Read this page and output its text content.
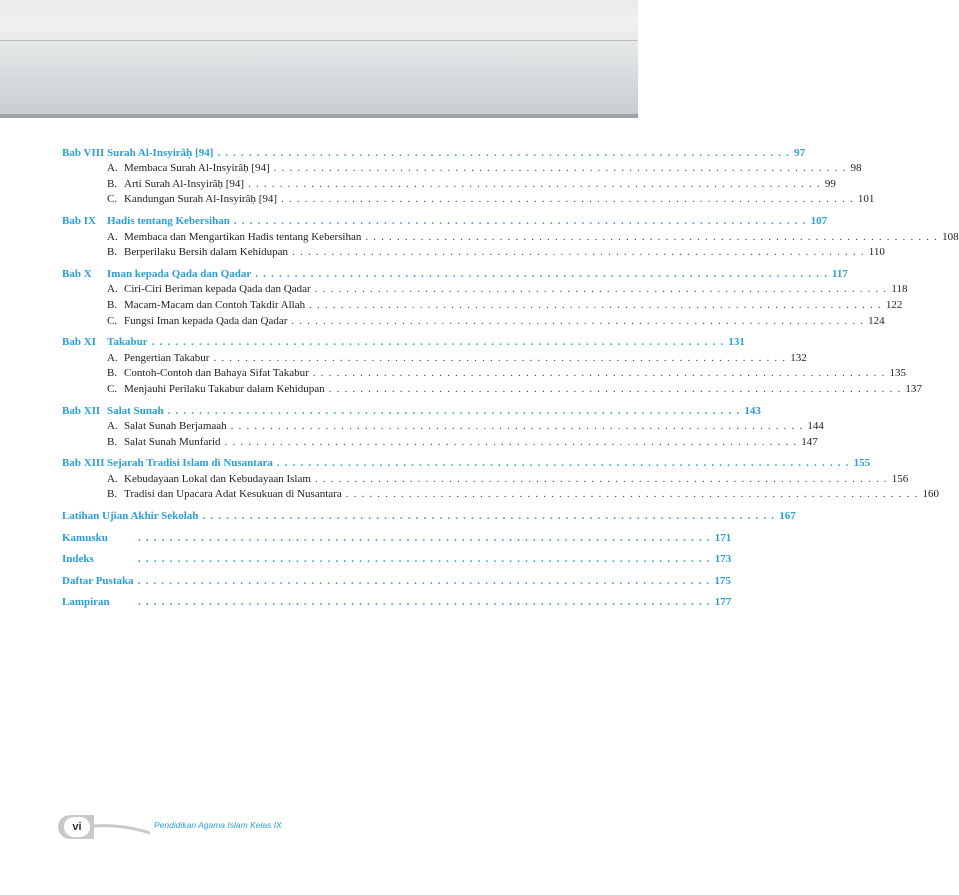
Bab VIII Surah Al-Insyirâḥ [94] . . . . . . . . . . . . . . . . . . . . . . . . . . . . . . . . . . . . . . . . . . . . . . . . . . . . . . . . . . . . . . . . . . . . . . . . . 97
A. Membaca Surah Al-Insyirâḥ [94] . . . . . . . . . . . . . . . . . . . . . . . . . . . . . . . . . . . . . . . . . . . . . . . . . . . . . . . . . . . . . . . . . . . . . . . . . 98
B. Arti Surah Al-Insyirâḥ [94] . . . . . . . . . . . . . . . . . . . . . . . . . . . . . . . . . . . . . . . . . . . . . . . . . . . . . . . . . . . . . . . . . . . . . . . . . 99
C. Kandungan Surah Al-Insyirâḥ [94] . . . . . . . . . . . . . . . . . . . . . . . . . . . . . . . . . . . . . . . . . . . . . . . . . . . . . . . . . . . . . . . . . . . . . . . . . 101
Bab IX Hadis tentang Kebersihan . . . . . . . . . . . . . . . . . . . . . . . . . . . . . . . . . . . . . . . . . . . . . . . . . . . . . . . . . . . . . . . . . . . . . . . . . 107
A. Membaca dan Mengartikan Hadis tentang Kebersihan . . . . . . . . . . . . . . . . . . . . . . . . . . . . . . . . . . . . . . . . . . . . . . . . . . . . . . . . . . . . . . . . . . . . . . . . . 108
B. Berperilaku Bersih dalam Kehidupan . . . . . . . . . . . . . . . . . . . . . . . . . . . . . . . . . . . . . . . . . . . . . . . . . . . . . . . . . . . . . . . . . . . . . . . . . 110
Bab X Iman kepada Qada dan Qadar . . . . . . . . . . . . . . . . . . . . . . . . . . . . . . . . . . . . . . . . . . . . . . . . . . . . . . . . . . . . . . . . . . . . . . . . . 117
A. Ciri-Ciri Beriman kepada Qada dan Qadar . . . . . . . . . . . . . . . . . . . . . . . . . . . . . . . . . . . . . . . . . . . . . . . . . . . . . . . . . . . . . . . . . . . . . . . . . 118
B. Macam-Macam dan Contoh Takdir Allah . . . . . . . . . . . . . . . . . . . . . . . . . . . . . . . . . . . . . . . . . . . . . . . . . . . . . . . . . . . . . . . . . . . . . . . . . 122
C. Fungsi Iman kepada Qada dan Qadar . . . . . . . . . . . . . . . . . . . . . . . . . . . . . . . . . . . . . . . . . . . . . . . . . . . . . . . . . . . . . . . . . . . . . . . . . 124
Bab XI Takabur . . . . . . . . . . . . . . . . . . . . . . . . . . . . . . . . . . . . . . . . . . . . . . . . . . . . . . . . . . . . . . . . . . . . . . . . . 131
A. Pengertian Takabur . . . . . . . . . . . . . . . . . . . . . . . . . . . . . . . . . . . . . . . . . . . . . . . . . . . . . . . . . . . . . . . . . . . . . . . . . 132
B. Contoh-Contoh dan Bahaya Sifat Takabur . . . . . . . . . . . . . . . . . . . . . . . . . . . . . . . . . . . . . . . . . . . . . . . . . . . . . . . . . . . . . . . . . . . . . . . . . 135
C. Menjauhi Perilaku Takabur dalam Kehidupan . . . . . . . . . . . . . . . . . . . . . . . . . . . . . . . . . . . . . . . . . . . . . . . . . . . . . . . . . . . . . . . . . . . . . . . . . 137
Bab XII Salat Sunah . . . . . . . . . . . . . . . . . . . . . . . . . . . . . . . . . . . . . . . . . . . . . . . . . . . . . . . . . . . . . . . . . . . . . . . . . 143
A. Salat Sunah Berjamaah . . . . . . . . . . . . . . . . . . . . . . . . . . . . . . . . . . . . . . . . . . . . . . . . . . . . . . . . . . . . . . . . . . . . . . . . . 144
B. Salat Sunah Munfarid . . . . . . . . . . . . . . . . . . . . . . . . . . . . . . . . . . . . . . . . . . . . . . . . . . . . . . . . . . . . . . . . . . . . . . . . . 147
Bab XIII Sejarah Tradisi Islam di Nusantara . . . . . . . . . . . . . . . . . . . . . . . . . . . . . . . . . . . . . . . . . . . . . . . . . . . . . . . . . . . . . . . . . . . . . . . . . 155
A. Kebudayaan Lokal dan Kebudayaan Islam . . . . . . . . . . . . . . . . . . . . . . . . . . . . . . . . . . . . . . . . . . . . . . . . . . . . . . . . . . . . . . . . . . . . . . . . . 156
B. Tradisi dan Upacara Adat Kesukuan di Nusantara . . . . . . . . . . . . . . . . . . . . . . . . . . . . . . . . . . . . . . . . . . . . . . . . . . . . . . . . . . . . . . . . . . . . . . . . . 160
Latihan Ujian Akhir Sekolah . . . . . . . . . . . . . . . . . . . . . . . . . . . . . . . . . . . . . . . . . . . . . . . . . . . . . . . . . . . . . . . . . . . . . . . . . 167
Kamusku	. . . . . . . . . . . . . . . . . . . . . . . . . . . . . . . . . . . . . . . . . . . . . . . . . . . . . . . . . . . . . . . . . . . . . . . . . 171
Indeks	. . . . . . . . . . . . . . . . . . . . . . . . . . . . . . . . . . . . . . . . . . . . . . . . . . . . . . . . . . . . . . . . . . . . . . . . . 173
Daftar Pustaka . . . . . . . . . . . . . . . . . . . . . . . . . . . . . . . . . . . . . . . . . . . . . . . . . . . . . . . . . . . . . . . . . . . . . . . . . 175
Lampiran	. . . . . . . . . . . . . . . . . . . . . . . . . . . . . . . . . . . . . . . . . . . . . . . . . . . . . . . . . . . . . . . . . . . . . . . . . 177
vi	Pendidikan Agama Islam Kelas IX
